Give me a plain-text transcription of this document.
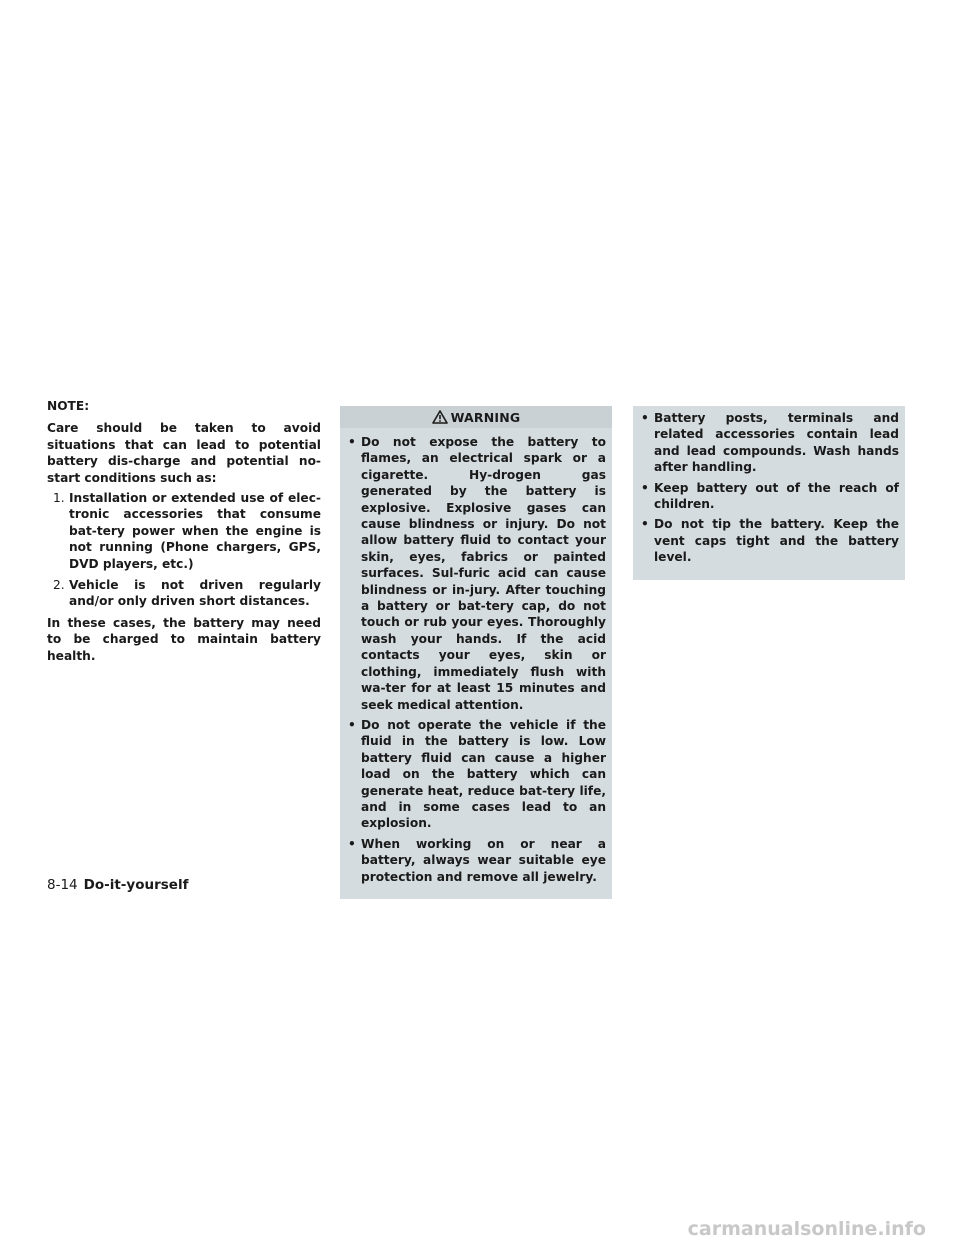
NOTE:

Care should be taken to avoid situations that can lead to potential battery dis-charge and potential no-start conditions such as:

1. Installation or extended use of elec-tronic accessories that consume bat-tery power when the engine is not running (Phone chargers, GPS, DVD players, etc.)
2. Vehicle is not driven regularly and/or only driven short distances.

In these cases, the battery may need to be charged to maintain battery health.

WARNING
• Do not expose the battery to flames, an electrical spark or a cigarette. Hy-drogen gas generated by the battery is explosive. Explosive gases can cause blindness or injury. Do not allow battery fluid to contact your skin, eyes, fabrics or painted surfaces. Sul-furic acid can cause blindness or in-jury. After touching a battery or bat-tery cap, do not touch or rub your eyes. Thoroughly wash your hands. If the acid contacts your eyes, skin or clothing, immediately flush with wa-ter for at least 15 minutes and seek medical attention.
• Do not operate the vehicle if the fluid in the battery is low. Low battery fluid can cause a higher load on the battery which can generate heat, reduce bat-tery life, and in some cases lead to an explosion.
• When working on or near a battery, always wear suitable eye protection and remove all jewelry.
• Battery posts, terminals and related accessories contain lead and lead compounds. Wash hands after handling.
• Keep battery out of the reach of children.
• Do not tip the battery. Keep the vent caps tight and the battery level.
8-14 Do-it-yourself
carmanualsonline.info
